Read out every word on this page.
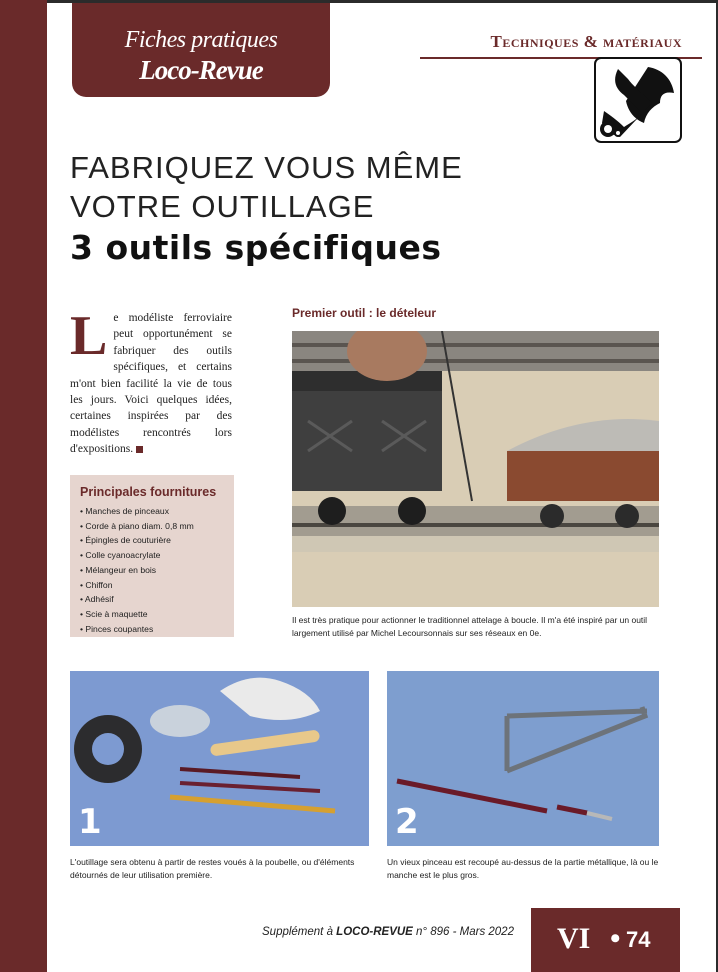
Fiches pratiques
Loco-Revue
Techniques & matériaux
FABRIQUEZ VOUS MÊME
VOTRE OUTILLAGE
3 outils spécifiques
Le modéliste ferroviaire peut opportunément se fabriquer des outils spécifiques, et certains m'ont bien facilité la vie de tous les jours. Voici quelques idées, certaines inspirées par des modélistes rencontrés lors d'expositions.
Principales fournitures
• Manches de pinceaux
• Corde à piano diam. 0,8 mm
• Épingles de couturière
• Colle cyanoacrylate
• Mélangeur en bois
• Chiffon
• Adhésif
• Scie à maquette
• Pinces coupantes
Premier outil : le dételeur
Il est très pratique pour actionner le traditionnel attelage à boucle. Il m'a été inspiré par un outil largement utilisé par Michel Lecoursonnais sur ses réseaux en 0e.
1
L'outillage sera obtenu à partir de restes voués à la poubelle, ou d'éléments détournés de leur utilisation première.
2
Un vieux pinceau est recoupé au-dessus de la partie métallique, là ou le manche est le plus gros.
Supplément à LOCO-REVUE n° 896 - Mars 2022 VI • 74
